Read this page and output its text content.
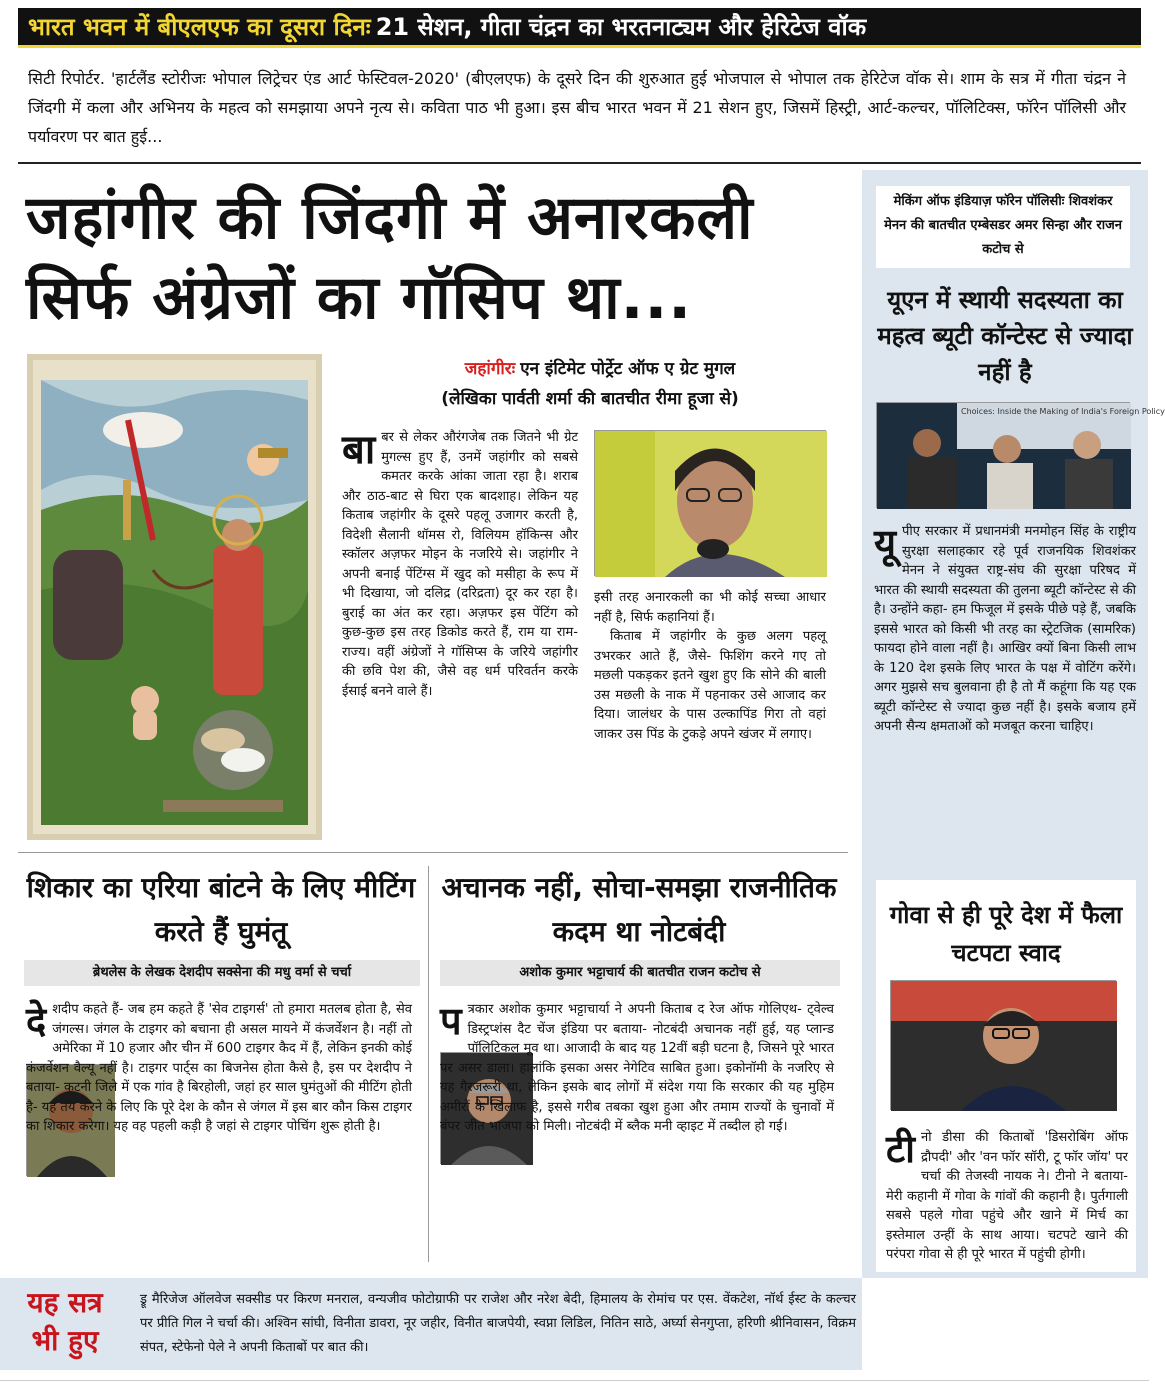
भारत भवन में बीएलएफ का दूसरा दिनः 21 सेशन, गीता चंद्रन का भरतनाट्यम और हेरिटेज वॉक

सिटी रिपोर्टर. 'हार्टलैंड स्टोरीजः भोपाल लिट्रेचर एंड आर्ट फेस्टिवल-2020' (बीएलएफ) के दूसरे दिन की शुरुआत हुई भोजपाल से भोपाल तक हेरिटेज वॉक से। शाम के सत्र में गीता चंद्रन ने जिंदगी में कला और अभिनय के महत्व को समझाया अपने नृत्य से। कविता पाठ भी हुआ। इस बीच भारत भवन में 21 सेशन हुए, जिसमें हिस्ट्री, आर्ट-कल्चर, पॉलिटिक्स, फॉरेन पॉलिसी और पर्यावरण पर बात हुई...

जहांगीर की जिंदगी में अनारकली
सिर्फ अंग्रेजों का गॉसिप था...
जहांगीरः एन इंटिमेट पोर्ट्रेट ऑफ ए ग्रेट मुगल
(लेखिका पार्वती शर्मा की बातचीत रीमा हूजा से)
बा बर से लेकर औरंगजेब तक जितने भी ग्रेट मुगल्स हुए हैं, उनमें जहांगीर को सबसे कमतर करके आंका जाता रहा है। शराब और ठाठ-बाट से घिरा एक बादशाह। लेकिन यह किताब जहांगीर के दूसरे पहलू उजागर करती है, विदेशी सैलानी थॉमस रो, विलियम हॉकिन्स और स्कॉलर अज़फर मोइन के नजरिये से। जहांगीर ने अपनी बनाई पेंटिंग्स में खुद को मसीहा के रूप में भी दिखाया, जो दलिद्र (दरिद्रता) दूर कर रहा है। बुराई का अंत कर रहा। अज़फर इस पेंटिंग को कुछ-कुछ इस तरह डिकोड करते हैं, राम या राम-राज्य। वहीं अंग्रेजों ने गॉसिप्स के जरिये जहांगीर की छवि पेश की, जैसे वह धर्म परिवर्तन करके ईसाई बनने वाले हैं।

इसी तरह अनारकली का भी कोई सच्चा आधार नहीं है, सिर्फ कहानियां हैं।

किताब में जहांगीर के कुछ अलग पहलू उभरकर आते हैं, जैसे- फिशिंग करने गए तो मछली पकड़कर इतने खुश हुए कि सोने की बाली उस मछली के नाक में पहनाकर उसे आजाद कर दिया। जालंधर के पास उल्कापिंड गिरा तो वहां जाकर उस पिंड के टुकड़े अपने खंजर में लगाए।

मेकिंग ऑफ इंडियाज़ फॉरेन पॉलिसीः शिवशंकर मेनन की बातचीत एम्बेसडर अमर सिन्हा और राजन कटोच से
यूएन में स्थायी सदस्यता का महत्व ब्यूटी कॉन्टेस्ट से ज्यादा नहीं है
Choices: Inside the Making of India's Foreign Policy
यू पीए सरकार में प्रधानमंत्री मनमोहन सिंह के राष्ट्रीय सुरक्षा सलाहकार रहे पूर्व राजनयिक शिवशंकर मेनन ने संयुक्त राष्ट्र-संघ की सुरक्षा परिषद में भारत की स्थायी सदस्यता की तुलना ब्यूटी कॉन्टेस्ट से की है। उन्होंने कहा- हम फिजूल में इसके पीछे पड़े हैं, जबकि इससे भारत को किसी भी तरह का स्ट्रेटजिक (सामरिक) फायदा होने वाला नहीं है। आखिर क्यों बिना किसी लाभ के 120 देश इसके लिए भारत के पक्ष में वोटिंग करेंगे। अगर मुझसे सच बुलवाना ही है तो मैं कहूंगा कि यह एक ब्यूटी कॉन्टेस्ट से ज्यादा कुछ नहीं है। इसके बजाय हमें अपनी सैन्य क्षमताओं को मजबूत करना चाहिए।
गोवा से ही पूरे देश में फैला चटपटा स्वाद
टी नो डीसा की किताबों 'डिसरोबिंग ऑफ द्रौपदी' और 'वन फॉर सॉरी, टू फॉर जॉय' पर चर्चा की तेजस्वी नायक ने। टीनो ने बताया- मेरी कहानी में गोवा के गांवों की कहानी है। पुर्तगाली सबसे पहले गोवा पहुंचे और खाने में मिर्च का इस्तेमाल उन्हीं के साथ आया। चटपटे खाने की परंपरा गोवा से ही पूरे भारत में पहुंची होगी।
शिकार का एरिया बांटने के लिए मीटिंग करते हैं घुमंतू
ब्रेथलेस के लेखक देशदीप सक्सेना की मधु वर्मा से चर्चा
दे शदीप कहते हैं- जब हम कहते हैं 'सेव टाइगर्स' तो हमारा मतलब होता है, सेव जंगल्स। जंगल के टाइगर को बचाना ही असल मायने में कंजर्वेशन है। नहीं तो अमेरिका में 10 हजार और चीन में 600 टाइगर कैद में हैं, लेकिन इनकी कोई कंजर्वेशन वैल्यू नहीं है। टाइगर पार्ट्स का बिजनेस होता कैसे है, इस पर देशदीप ने बताया- कटनी जिले में एक गांव है बिरहोली, जहां हर साल घुमंतुओं की मीटिंग होती है- यह तय करने के लिए कि पूरे देश के कौन से जंगल में इस बार कौन किस टाइगर का शिकार करेगा। यह वह पहली कड़ी है जहां से टाइगर पोचिंग शुरू होती है।
अचानक नहीं, सोचा-समझा राजनीतिक कदम था नोटबंदी
अशोक कुमार भट्टाचार्य की बातचीत राजन कटोच से
प त्रकार अशोक कुमार भट्टाचार्या ने अपनी किताब द रेज ऑफ गोलिएथ- ट्वेल्व डिस्ट्रप्शंस दैट चेंज इंडिया पर बताया- नोटबंदी अचानक नहीं हुई, यह प्लान्ड पॉलिटिकल मूव था। आजादी के बाद यह 12वीं बड़ी घटना है, जिसने पूरे भारत पर असर डाला। हालांकि इसका असर नेगेटिव साबित हुआ। इकोनॉमी के नजरिए से यह गैरजरूरी था, लेकिन इसके बाद लोगों में संदेश गया कि सरकार की यह मुहिम अमीरों के खिलाफ है, इससे गरीब तबका खुश हुआ और तमाम राज्यों के चुनावों में बंपर जीत भाजपा को मिली। नोटबंदी में ब्लैक मनी व्हाइट में तब्दील हो गई।
यह सत्र
भी हुए

ड्रू मैरिजेज ऑलवेज सक्सीड पर किरण मनराल, वन्यजीव फोटोग्राफी पर राजेश और नरेश बेदी, हिमालय के रोमांच पर एस. वेंकटेश, नॉर्थ ईस्ट के कल्चर पर प्रीति गिल ने चर्चा की। अश्विन सांघी, विनीता डावरा, नूर जहीर, विनीत बाजपेयी, स्वप्ना लिडिल, नितिन साठे, अर्घ्या सेनगुप्ता, हरिणी श्रीनिवासन, विक्रम संपत, स्टेफेनो पेले ने अपनी किताबों पर बात की।
